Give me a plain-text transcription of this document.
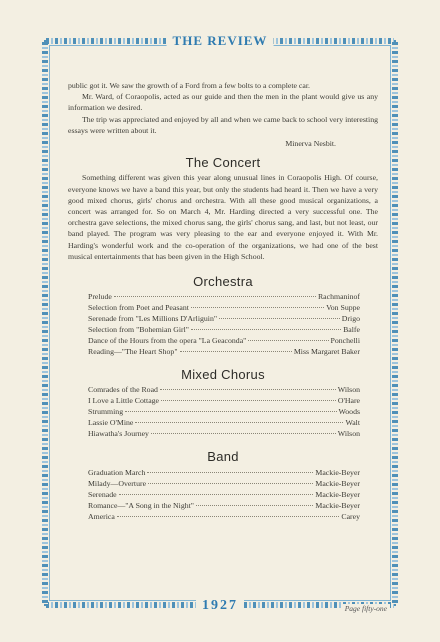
THE REVIEW
1927	Page fifty-one

public got it. We saw the growth of a Ford from a few bolts to a complete car.

Mr. Ward, of Coraopolis, acted as our guide and then the men in the plant would give us any information we desired.

The trip was appreciated and enjoyed by all and when we came back to school very interesting essays were written about it.

Minerva Nesbit.
The Concert

Something different was given this year along unusual lines in Coraopolis High. Of course, everyone knows we have a band this year, but only the students had heard it. Then we have a very good mixed chorus, girls' chorus and orchestra. With all these good musical organizations, a concert was arranged for. So on March 4, Mr. Harding directed a very successful one. The orchestra gave selections, the mixed chorus sang, the girls' chorus sang, and last, but not least, our band played. The program was very pleasing to the ear and everyone enjoyed it. With Mr. Harding's wonderful work and the co-operation of the organizations, we had one of the best musical entertainments that has been given in the High School.

Orchestra
Prelude	Rachmaninof
Selection from Poet and Peasant	Von Suppe
Serenade from "Les Millions D'Arliguin"	Drigo
Selection from "Bohemian Girl"	Balfe
Dance of the Hours from the opera "La Geaconda"	Ponchelli
Reading—"The Heart Shop"	Miss Margaret Baker
Mixed Chorus
Comrades of the Road	Wilson
I Love a Little Cottage	O'Hare
Strumming	Woods
Lassie O'Mine	Walt
Hiawatha's Journey	Wilson
Band
Graduation March	Mackie-Beyer
Milady—Overture	Mackie-Beyer
Serenade	Mackie-Beyer
Romance—"A Song in the Night"	Mackie-Beyer
America	Carey
